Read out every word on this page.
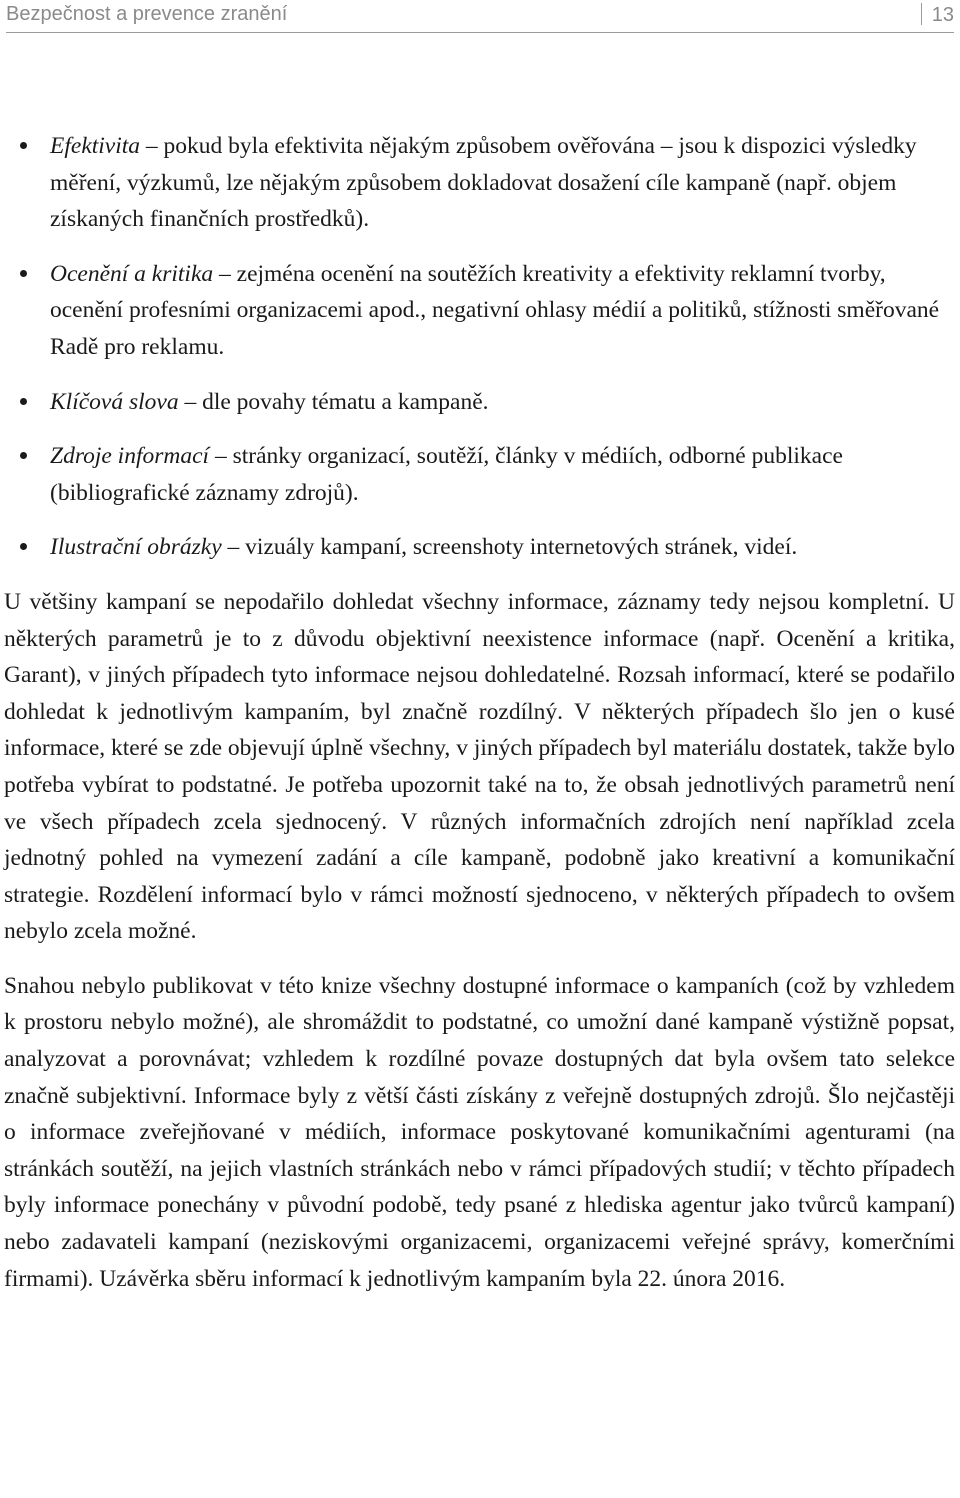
Bezpečnost a prevence zranění	13
Efektivita – pokud byla efektivita nějakým způsobem ověřována – jsou k dispozici výsledky měření, výzkumů, lze nějakým způsobem dokladovat dosažení cíle kampaně (např. objem získaných finančních prostředků).
Ocenění a kritika – zejména ocenění na soutěžích kreativity a efektivity reklamní tvorby, ocenění profesními organizacemi apod., negativní ohlasy médií a politiků, stížnosti směřované Radě pro reklamu.
Klíčová slova – dle povahy tématu a kampaně.
Zdroje informací – stránky organizací, soutěží, články v médiích, odborné publikace (bibliografické záznamy zdrojů).
Ilustrační obrázky – vizuály kampaní, screenshoty internetových stránek, videí.

U většiny kampaní se nepodařilo dohledat všechny informace, záznamy tedy nejsou kompletní. U některých parametrů je to z důvodu objektivní neexistence informace (např. Ocenění a kritika, Garant), v jiných případech tyto informace nejsou dohledatelné. Rozsah informací, které se podařilo dohledat k jednotlivým kampaním, byl značně rozdílný. V některých případech šlo jen o kusé informace, které se zde objevují úplně všechny, v jiných případech byl materiálu dostatek, takže bylo potřeba vybírat to podstatné. Je potřeba upozornit také na to, že obsah jednotlivých parametrů není ve všech případech zcela sjednocený. V různých informačních zdrojích není například zcela jednotný pohled na vymezení zadání a cíle kampaně, podobně jako kreativní a komunikační strategie. Rozdělení informací bylo v rámci možností sjednoceno, v některých případech to ovšem nebylo zcela možné.

Snahou nebylo publikovat v této knize všechny dostupné informace o kampaních (což by vzhledem k prostoru nebylo možné), ale shromáždit to podstatné, co umožní dané kampaně výstižně popsat, analyzovat a porovnávat; vzhledem k rozdílné povaze dostupných dat byla ovšem tato selekce značně subjektivní. Informace byly z větší části získány z veřejně dostupných zdrojů. Šlo nejčastěji o informace zveřejňované v médiích, informace poskytované komunikačními agenturami (na stránkách soutěží, na jejich vlastních stránkách nebo v rámci případových studií; v těchto případech byly informace ponechány v původní podobě, tedy psané z hlediska agentur jako tvůrců kampaní) nebo zadavateli kampaní (neziskovými organizacemi, organizacemi veřejné správy, komerčními firmami). Uzávěrka sběru informací k jednotlivým kampaním byla 22. února 2016.
